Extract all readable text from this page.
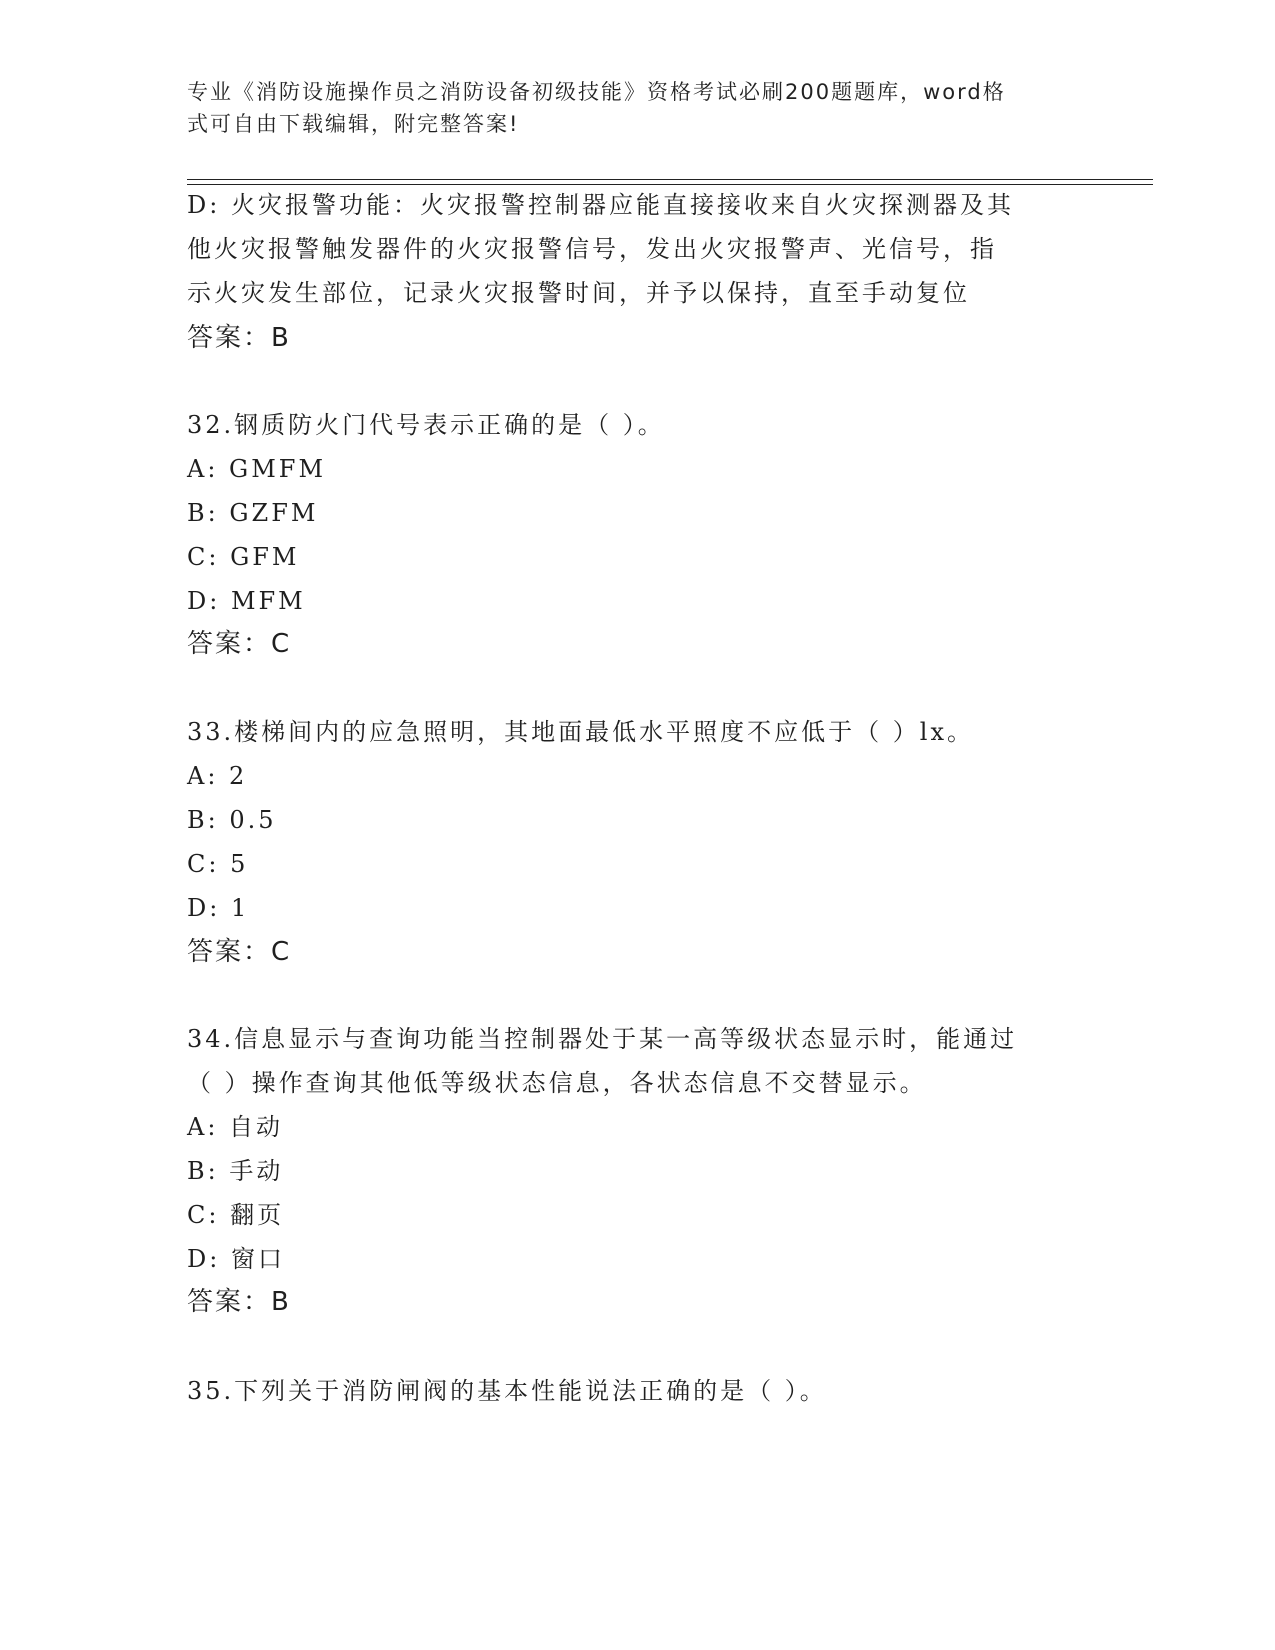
专业《消防设施操作员之消防设备初级技能》资格考试必刷200题题库，word格
式可自由下载编辑，附完整答案!
D: 火灾报警功能：火灾报警控制器应能直接接收来自火灾探测器及其
他火灾报警触发器件的火灾报警信号，发出火灾报警声、光信号，指
示火灾发生部位，记录火灾报警时间，并予以保持，直至手动复位
答案：B
32.钢质防火门代号表示正确的是（ ）。
A: GMFM
B: GZFM
C: GFM
D: MFM
答案：C
33.楼梯间内的应急照明，其地面最低水平照度不应低于（ ）lx。
A: 2
B: 0.5
C: 5
D: 1
答案：C
34.信息显示与查询功能当控制器处于某一高等级状态显示时，能通过
（ ）操作查询其他低等级状态信息，各状态信息不交替显示。
A: 自动
B: 手动
C: 翻页
D: 窗口
答案：B
35.下列关于消防闸阀的基本性能说法正确的是（ ）。
